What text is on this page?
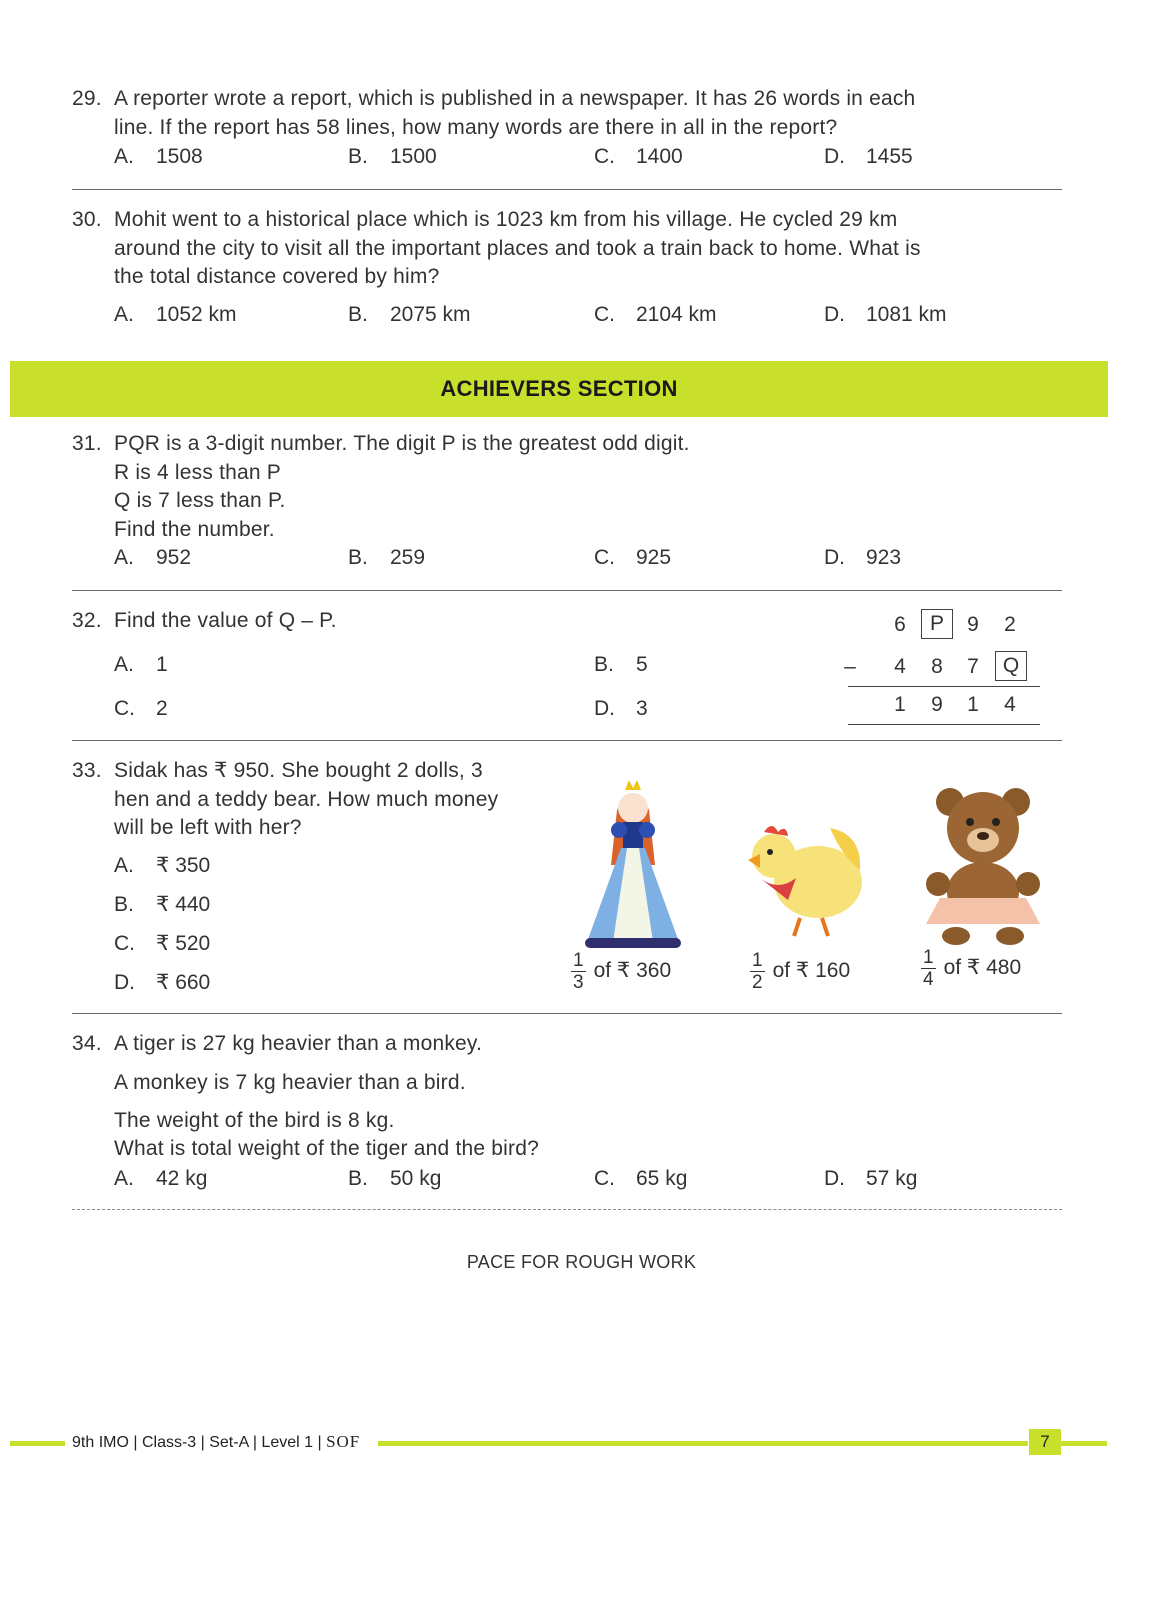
29. A reporter wrote a report, which is published in a newspaper. It has 26 words in each
line. If the report has 58 lines, how many words are there in all in the report?
A. 1508	B. 1500	C. 1400	D. 1455
30. Mohit went to a historical place which is 1023 km from his village. He cycled 29 km
around the city to visit all the important places and took a train back to home. What is
the total distance covered by him?
A. 1052 km	B. 2075 km	C. 2104 km	D. 1081 km
ACHIEVERS SECTION
31. PQR is a 3-digit number. The digit P is the greatest odd digit.
R is 4 less than P
Q is 7 less than P.
Find the number.
A. 952	B. 259	C. 925	D. 923
32. Find the value of Q – P.
A. 1	B. 5
C. 2	D. 3
6	P	9	2
–	4	8	7	Q
1	9	1	4
33. Sidak has ₹ 950. She bought 2 dolls, 3
hen and a teddy bear. How much money
will be left with her?
A. ₹ 350
B. ₹ 440
C. ₹ 520
D. ₹ 660	$\frac{1}{3}$ of ₹ 360	$\frac{1}{2}$ of ₹ 160	$\frac{1}{4}$ of ₹ 480
34. A tiger is 27 kg heavier than a monkey.
A monkey is 7 kg heavier than a bird.
The weight of the bird is 8 kg.
What is total weight of the tiger and the bird?
A. 42 kg	B. 50 kg	C. 65 kg	D. 57 kg
PACE FOR ROUGH WORK
9th IMO | Class-3 | Set-A | Level 1 | SOF	7
